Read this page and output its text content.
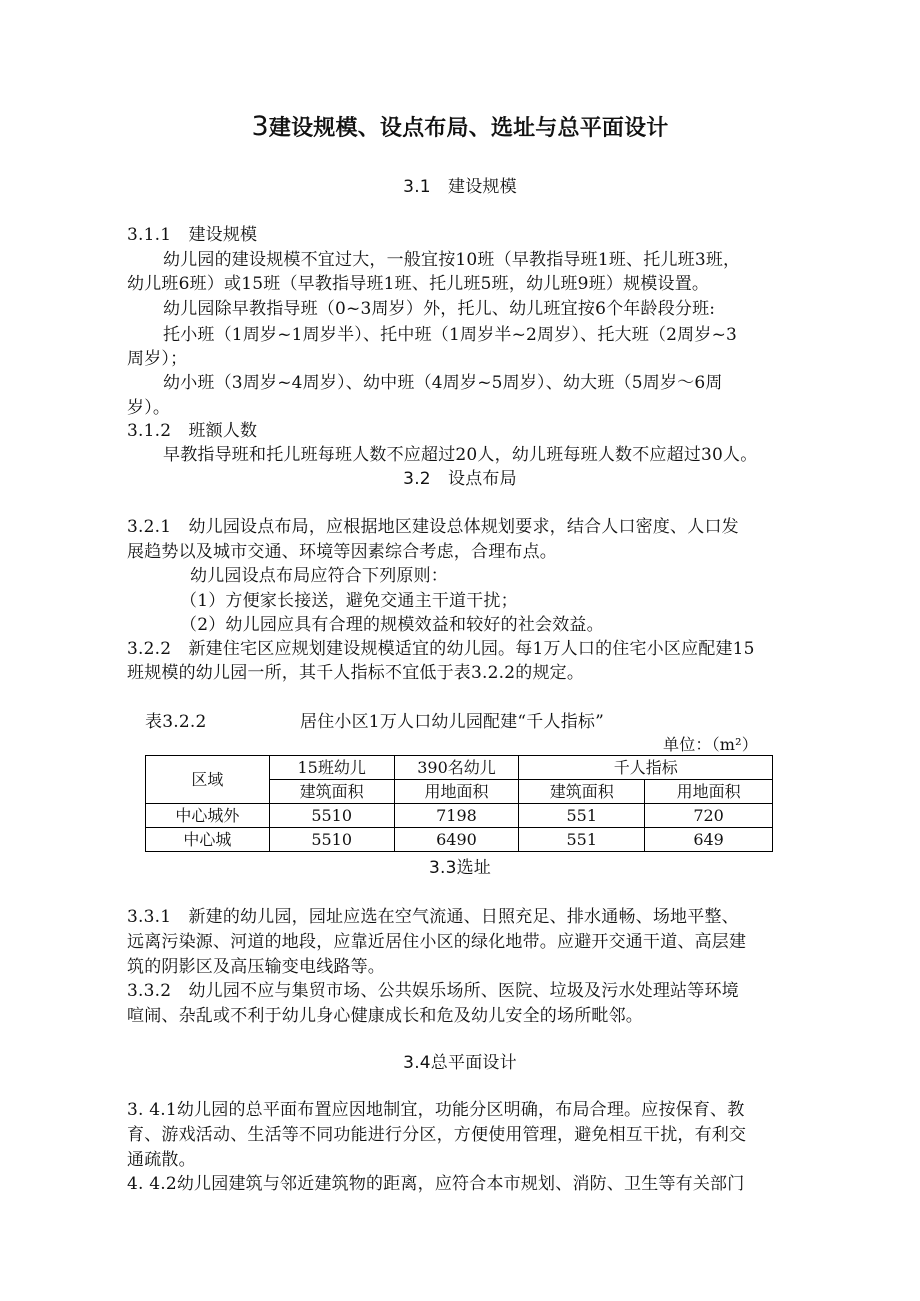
3建设规模、设点布局、选址与总平面设计
3.1　建设规模
3.1.1　建设规模
幼儿园的建设规模不宜过大，一般宜按10班（早教指导班1班、托儿班3班，
幼儿班6班）或15班（早教指导班1班、托儿班5班，幼儿班9班）规模设置。
幼儿园除早教指导班（0~3周岁）外，托儿、幼儿班宜按6个年龄段分班:
托小班（1周岁~1周岁半）、托中班（1周岁半~2周岁）、托大班（2周岁~3
周岁）；
幼小班（3周岁~4周岁）、幼中班（4周岁~5周岁）、幼大班（5周岁～6周
岁）。
3.1.2　班额人数
早教指导班和托儿班每班人数不应超过20人，幼儿班每班人数不应超过30人。
3.2　设点布局
3.2.1　幼儿园设点布局，应根据地区建设总体规划要求，结合人口密度、人口发
展趋势以及城市交通、环境等因素综合考虑，合理布点。
幼儿园设点布局应符合下列原则：
（1）方便家长接送，避免交通主干道干扰；
（2）幼儿园应具有合理的规模效益和较好的社会效益。
3.2.2　新建住宅区应规划建设规模适宜的幼儿园。每1万人口的住宅小区应配建15
班规模的幼儿园一所，其千人指标不宜低于表3.2.2的规定。
表3.2.2	居住小区1万人口幼儿园配建“千人指标”
单位：（m²）
区域	15班幼儿	390名幼儿	千人指标	
	建筑面积	用地面积	建筑面积	用地面积
中心城外	5510	7198	551	720
中心城	5510	6490	551	649
3.3选址
3.3.1　新建的幼儿园，园址应选在空气流通、日照充足、排水通畅、场地平整、
远离污染源、河道的地段，应靠近居住小区的绿化地带。应避开交通干道、高层建
筑的阴影区及高压输变电线路等。
3.3.2　幼儿园不应与集贸市场、公共娱乐场所、医院、垃圾及污水处理站等环境
喧闹、杂乱或不利于幼儿身心健康成长和危及幼儿安全的场所毗邻。
3.4总平面设计
3. 4.1幼儿园的总平面布置应因地制宜，功能分区明确，布局合理。应按保育、教
育、游戏活动、生活等不同功能进行分区，方便使用管理，避免相互干扰，有利交
通疏散。
4. 4.2幼儿园建筑与邻近建筑物的距离，应符合本市规划、消防、卫生等有关部门
